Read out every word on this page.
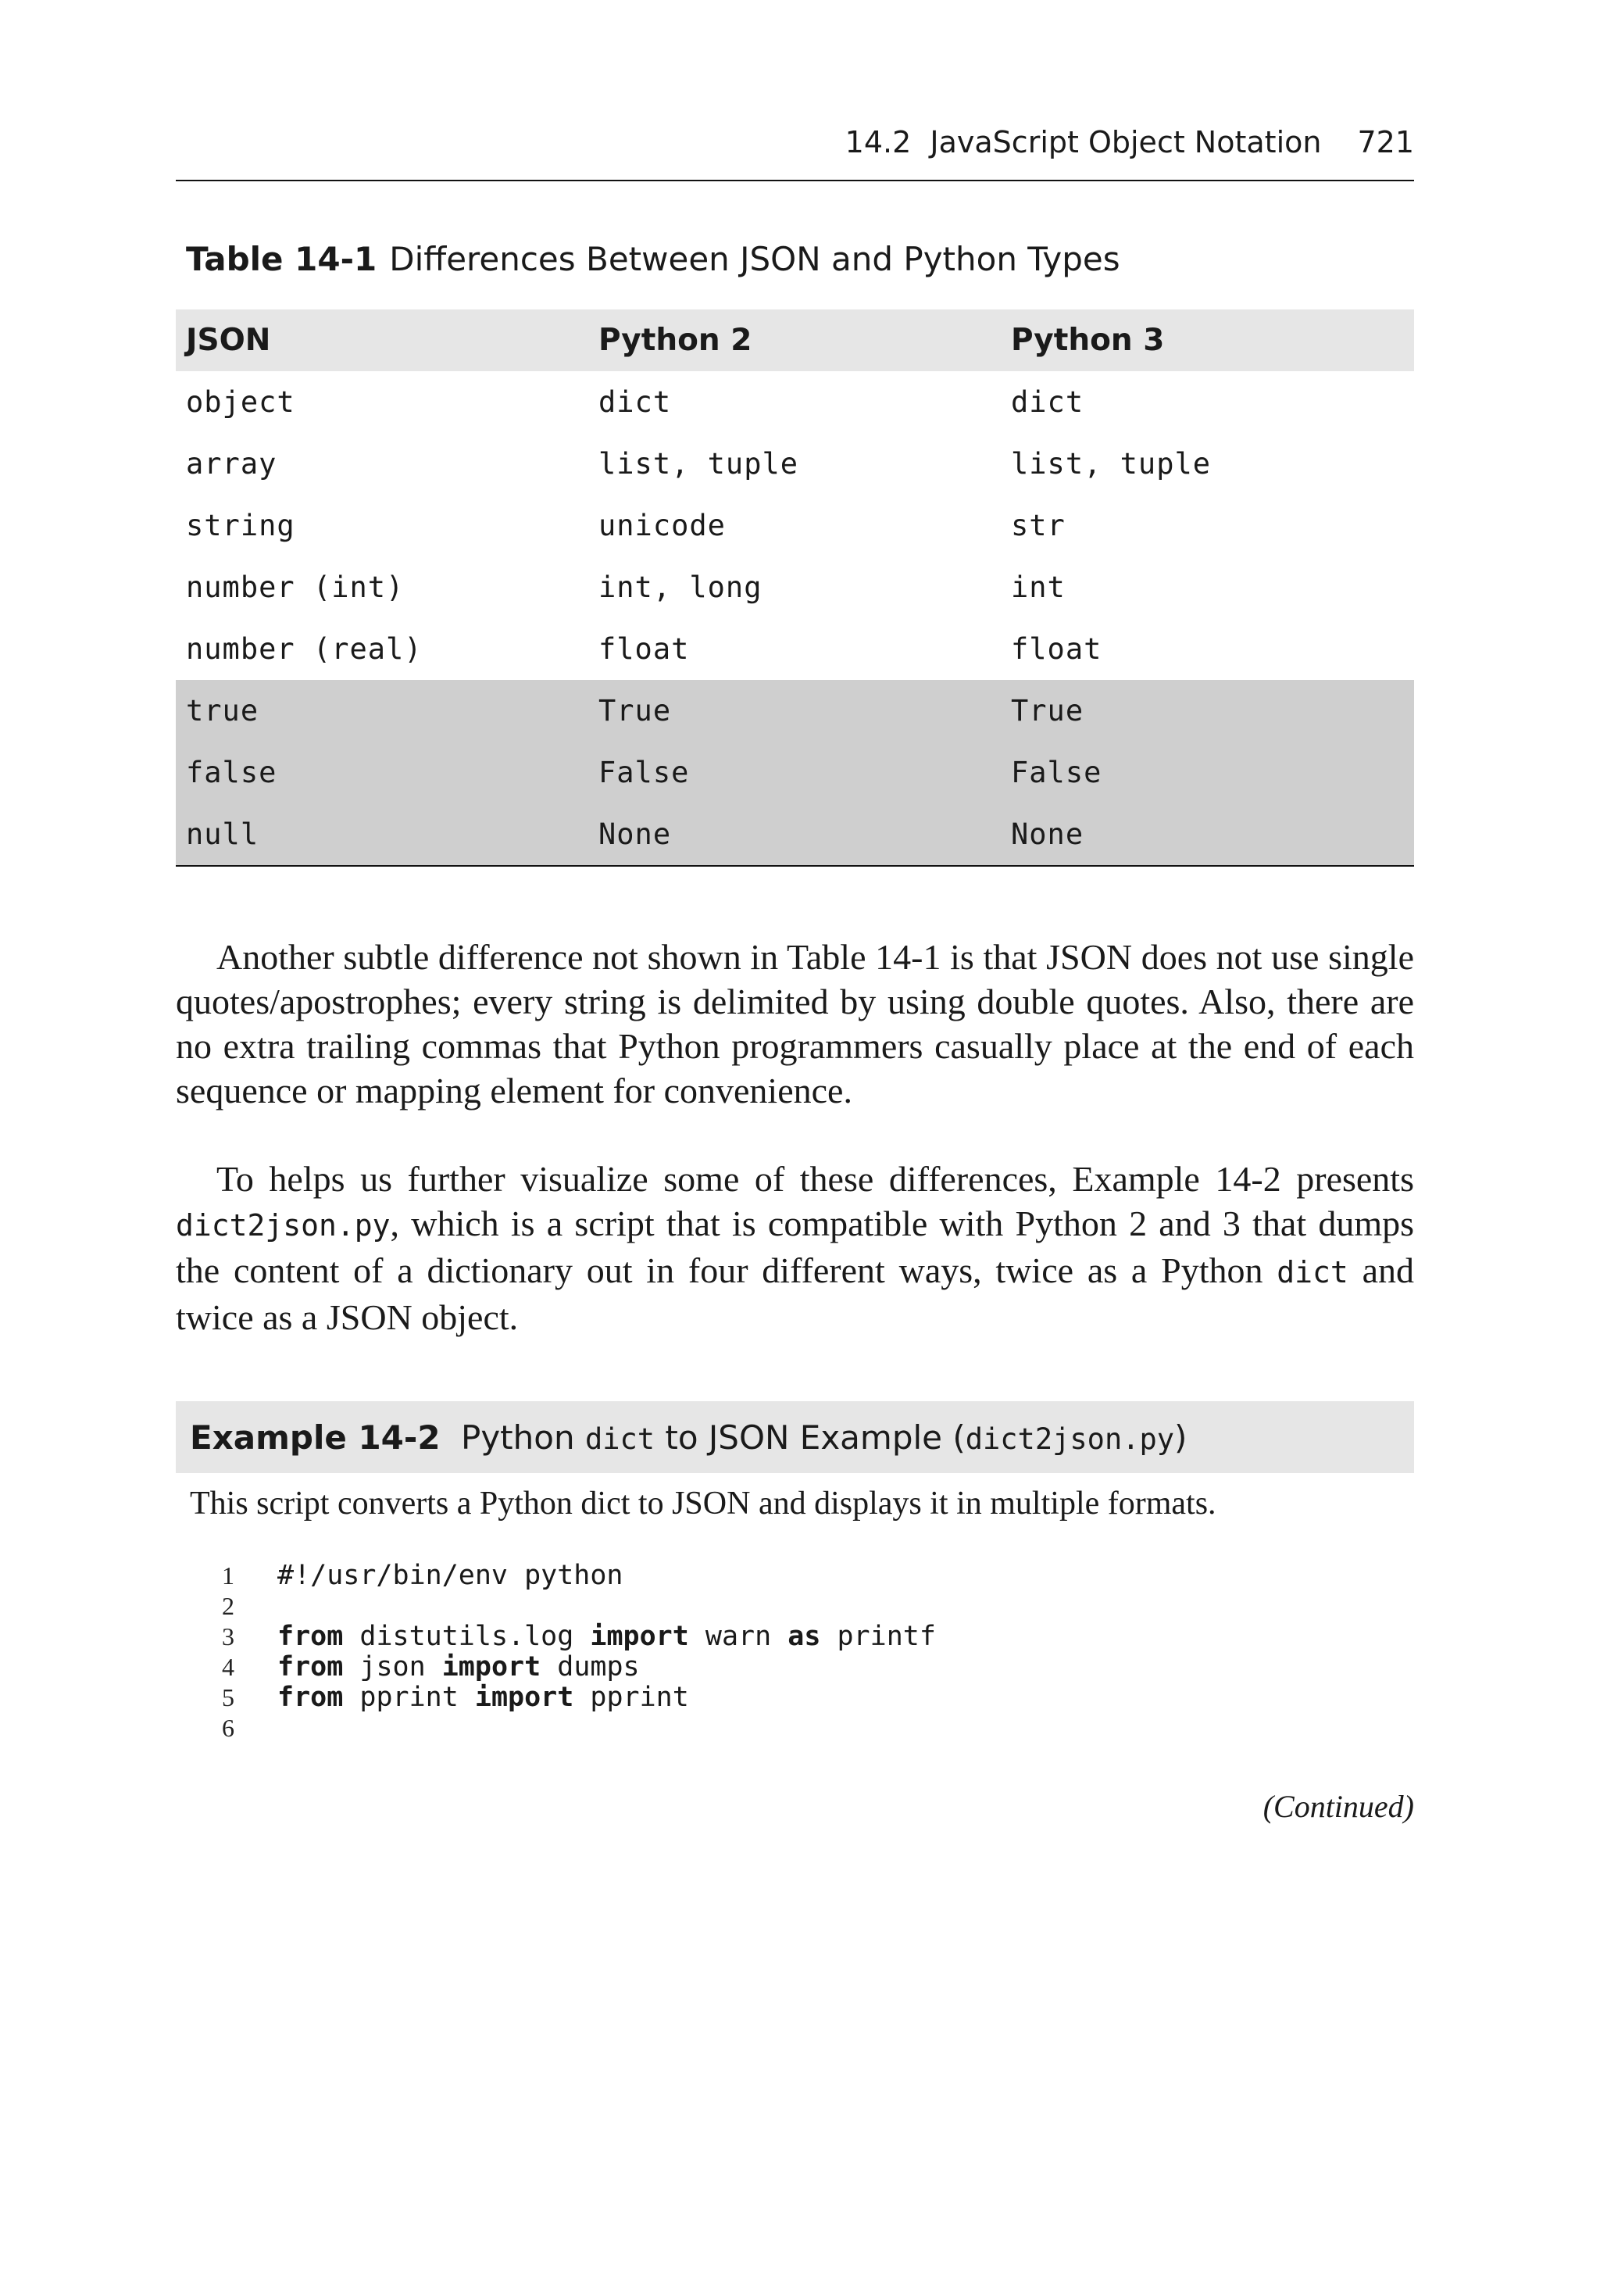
14.2  JavaScript Object Notation 721
Table 14-1 Differences Between JSON and Python Types
JSON	Python 2	Python 3
object	dict	dict
array	list, tuple	list, tuple
string	unicode	str
number (int)	int, long	int
number (real)	float	float
true	True	True
false	False	False
null	None	None

Another subtle difference not shown in Table 14-1 is that JSON does not use single quotes/apostrophes; every string is delimited by using double quotes. Also, there are no extra trailing commas that Python programmers casually place at the end of each sequence or mapping element for convenience.

To helps us further visualize some of these differences, Example 14-2 presents dict2json.py, which is a script that is compatible with Python 2 and 3 that dumps the content of a dictionary out in four different ways, twice as a Python dict and twice as a JSON object.

Example 14-2 Python dict to JSON Example (dict2json.py)
This script converts a Python dict to JSON and displays it in multiple formats.
1 #!/usr/bin/env python
2
3 from distutils.log import warn as printf
4 from json import dumps
5 from pprint import pprint
6
(Continued)
